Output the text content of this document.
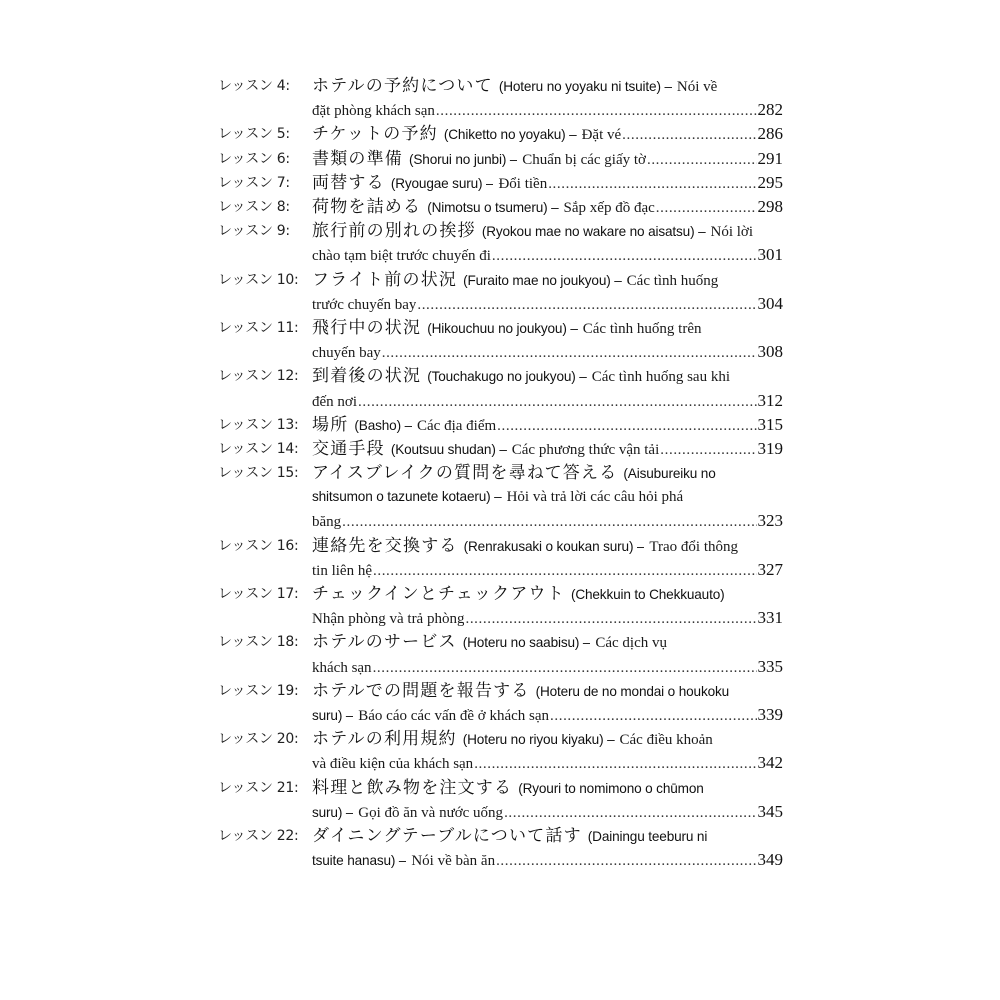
レッスン 4:	ホテルの予約について (Hoteru no yoyaku ni tsuite) – Nói về
đặt phòng khách sạn .....	282
レッスン 5:	チケットの予約 (Chiketto no yoyaku) – Đặt vé .....	286
レッスン 6:	書類の準備 (Shorui no junbi) – Chuẩn bị các giấy tờ .....	291
レッスン 7:	両替する (Ryougae suru) – Đổi tiền .....	295
レッスン 8:	荷物を詰める (Nimotsu o tsumeru) – Sắp xếp đồ đạc .....	298
レッスン 9:	旅行前の別れの挨拶 (Ryokou mae no wakare no aisatsu) – Nói lời
chào tạm biệt trước chuyến đi .....	301
レッスン 10: フライト前の状況 (Furaito mae no joukyou) – Các tình huống
trước chuyến bay .....	304
レッスン 11: 飛行中の状況 (Hikouchuu no joukyou) – Các tình huống trên
chuyến bay .....	308
レッスン 12: 到着後の状況 (Touchakugo no joukyou) – Các tình huống sau khi
đến nơi .....	312
レッスン 13: 場所 (Basho) – Các địa điểm .....	315
レッスン 14: 交通手段 (Koutsuu shudan) – Các phương thức vận tải .....	319
レッスン 15: アイスブレイクの質問を尋ねて答える (Aisubureiku no
shitsumon o tazunete kotaeru) – Hỏi và trả lời các câu hỏi phá
băng .....	323
レッスン 16: 連絡先を交換する (Renrakusaki o koukan suru) – Trao đổi thông
tin liên hệ .....	327
レッスン 17: チェックインとチェックアウト (Chekkuin to Chekkuauto)
Nhận phòng và trả phòng .....	331
レッスン 18: ホテルのサービス (Hoteru no saabisu) – Các dịch vụ
khách sạn .....	335
レッスン 19: ホテルでの問題を報告する (Hoteru de no mondai o houkoku
suru) – Báo cáo các vấn đề ở khách sạn .....	339
レッスン 20: ホテルの利用規約 (Hoteru no riyou kiyaku) – Các điều khoản
và điều kiện của khách sạn .....	342
レッスン 21: 料理と飲み物を注文する (Ryouri to nomimono o chūmon
suru) – Gọi đồ ăn và nước uống .....	345
レッスン 22: ダイニングテーブルについて話す (Dainingu teeburu ni
tsuite hanasu) – Nói về bàn ăn .....	349
